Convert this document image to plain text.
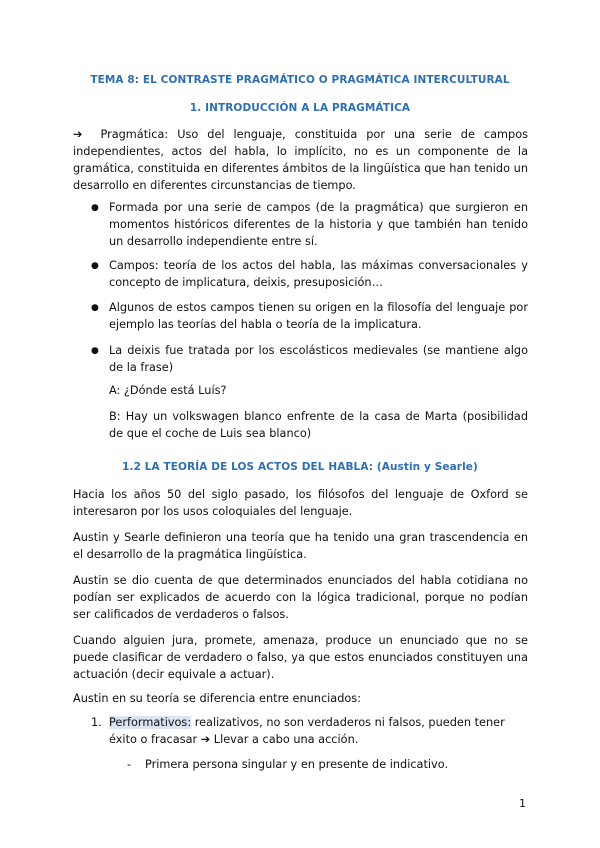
TEMA 8: EL CONTRASTE PRAGMÁTICO O PRAGMÁTICA INTERCULTURAL
1. INTRODUCCIÓN A LA PRAGMÁTICA
➔ Pragmática: Uso del lenguaje, constituida por una serie de campos independientes, actos del habla, lo implícito, no es un componente de la gramática, constituida en diferentes ámbitos de la lingüística que han tenido un desarrollo en diferentes circunstancias de tiempo.
● Formada por una serie de campos (de la pragmática) que surgieron en momentos históricos diferentes de la historia y que también han tenido un desarrollo independiente entre sí.
● Campos: teoría de los actos del habla, las máximas conversacionales y concepto de implicatura, deixis, presuposición…
● Algunos de estos campos tienen su origen en la filosofía del lenguaje por ejemplo las teorías del habla o teoría de la implicatura.
● La deixis fue tratada por los escolásticos medievales (se mantiene algo de la frase)
A: ¿Dónde está Luís?
B: Hay un volkswagen blanco enfrente de la casa de Marta (posibilidad de que el coche de Luis sea blanco)
1.2 LA TEORÍA DE LOS ACTOS DEL HABLA: (Austin y Searle)
Hacia los años 50 del siglo pasado, los filósofos del lenguaje de Oxford se interesaron por los usos coloquiales del lenguaje.
Austin y Searle definieron una teoría que ha tenido una gran trascendencia en el desarrollo de la pragmática lingüística.
Austin se dio cuenta de que determinados enunciados del habla cotidiana no podían ser explicados de acuerdo con la lógica tradicional, porque no podían ser calificados de verdaderos o falsos.
Cuando alguien jura, promete, amenaza, produce un enunciado que no se puede clasificar de verdadero o falso, ya que estos enunciados constituyen una actuación (decir equivale a actuar).
Austin en su teoría se diferencia entre enunciados:
1. Performativos: realizativos, no son verdaderos ni falsos, pueden tener éxito o fracasar ➔ Llevar a cabo una acción.
- Primera persona singular y en presente de indicativo.
1
